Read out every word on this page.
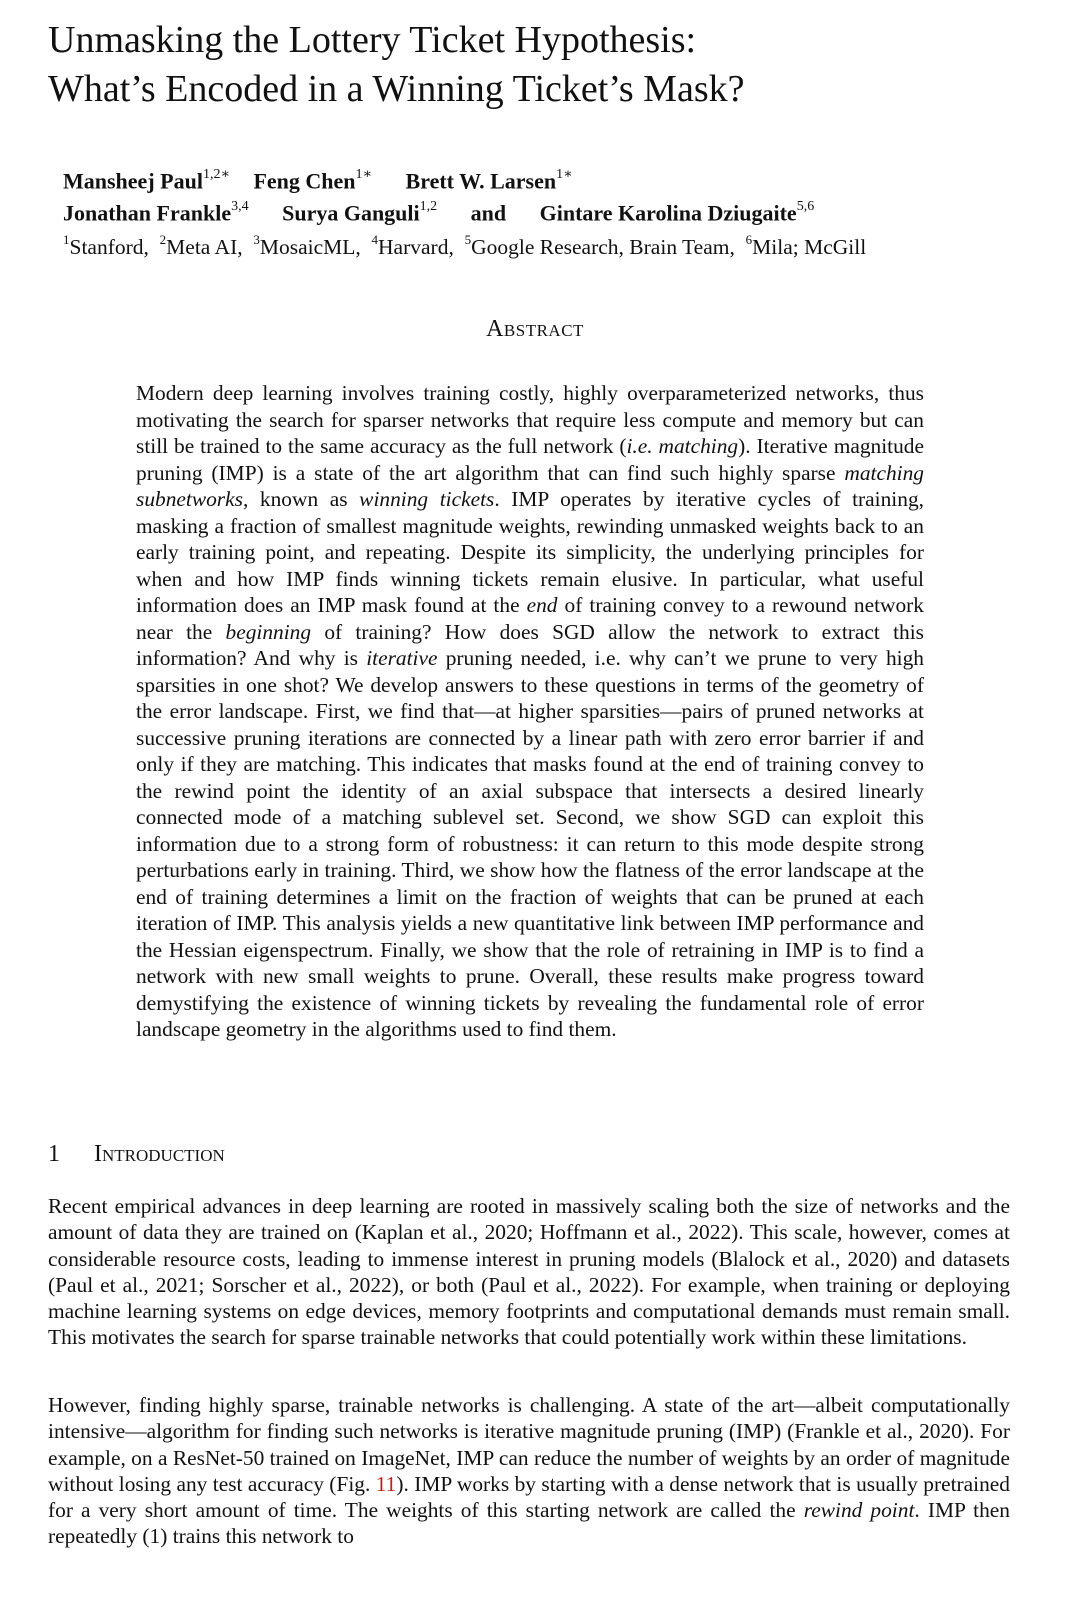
Unmasking the Lottery Ticket Hypothesis:
What’s Encoded in a Winning Ticket’s Mask?
Mansheej Paul$^{1,2∗}$ Feng Chen$^{1∗}$ Brett W. Larsen$^{1∗}$
Jonathan Frankle$^{3,4}$ Surya Ganguli$^{1,2}$ and Gintare Karolina Dziugaite$^{5,6}$
$^1$Stanford, $^2$Meta AI, $^3$MosaicML, $^4$Harvard, $^5$Google Research, Brain Team, $^6$Mila; McGill
Abstract
Modern deep learning involves training costly, highly overparameterized networks, thus motivating the search for sparser networks that require less compute and memory but can still be trained to the same accuracy as the full network (i.e. matching). Iterative magnitude pruning (IMP) is a state of the art algorithm that can find such highly sparse matching subnetworks, known as winning tickets. IMP operates by iterative cycles of training, masking a fraction of smallest magnitude weights, rewinding unmasked weights back to an early training point, and repeating. Despite its simplicity, the underlying principles for when and how IMP finds winning tickets remain elusive. In particular, what useful information does an IMP mask found at the end of training convey to a rewound network near the beginning of training? How does SGD allow the network to extract this information? And why is iterative pruning needed, i.e. why can’t we prune to very high sparsities in one shot? We develop answers to these questions in terms of the geometry of the error landscape. First, we find that—at higher sparsities—pairs of pruned networks at successive pruning iterations are connected by a linear path with zero error barrier if and only if they are matching. This indicates that masks found at the end of training convey to the rewind point the identity of an axial subspace that intersects a desired linearly connected mode of a matching sublevel set. Second, we show SGD can exploit this information due to a strong form of robustness: it can return to this mode despite strong perturbations early in training. Third, we show how the flatness of the error landscape at the end of training determines a limit on the fraction of weights that can be pruned at each iteration of IMP. This analysis yields a new quantitative link between IMP performance and the Hessian eigenspectrum. Finally, we show that the role of retraining in IMP is to find a network with new small weights to prune. Overall, these results make progress toward demystifying the existence of winning tickets by revealing the fundamental role of error landscape geometry in the algorithms used to find them.
1 Introduction
Recent empirical advances in deep learning are rooted in massively scaling both the size of networks and the amount of data they are trained on (Kaplan et al., 2020; Hoffmann et al., 2022). This scale, however, comes at considerable resource costs, leading to immense interest in pruning models (Blalock et al., 2020) and datasets (Paul et al., 2021; Sorscher et al., 2022), or both (Paul et al., 2022). For example, when training or deploying machine learning systems on edge devices, memory footprints and computational demands must remain small. This motivates the search for sparse trainable networks that could potentially work within these limitations.
However, finding highly sparse, trainable networks is challenging. A state of the art—albeit computationally intensive—algorithm for finding such networks is iterative magnitude pruning (IMP) (Frankle et al., 2020). For example, on a ResNet-50 trained on ImageNet, IMP can reduce the number of weights by an order of magnitude without losing any test accuracy (Fig. 11). IMP works by starting with a dense network that is usually pretrained for a very short amount of time. The weights of this starting network are called the rewind point. IMP then repeatedly (1) trains this network to
